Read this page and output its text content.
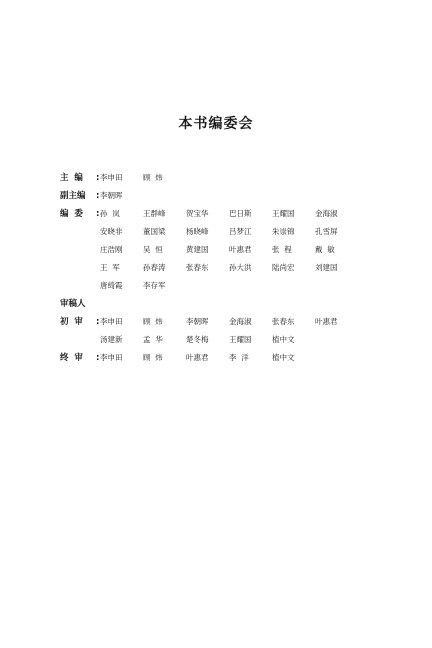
本书编委会
主  编	: 李申田	顾  炜
副主编	: 李朝晖
编  委	: 孙  岚	王群峰	贺宝华	巴日斯	王耀国	金海淑
安晓非	董国梁	杨晓峰	吕梦江	朱崇锦	孔雪屏
庄浩刚	吴  恒	黄建国	叶惠君	张  程	戴  敏
王  军	孙春涛	张春东	孙大洪	陆尚宏	刘建国
唐绮霞	李存军
审稿人
初  审	: 李申田	顾  炜	李朝晖	金海淑	张春东	叶惠君
汤建新	孟  华	楚冬梅	王耀国	植中文
终  审	: 李申田	顾  炜	叶惠君	李  洋	植中文
